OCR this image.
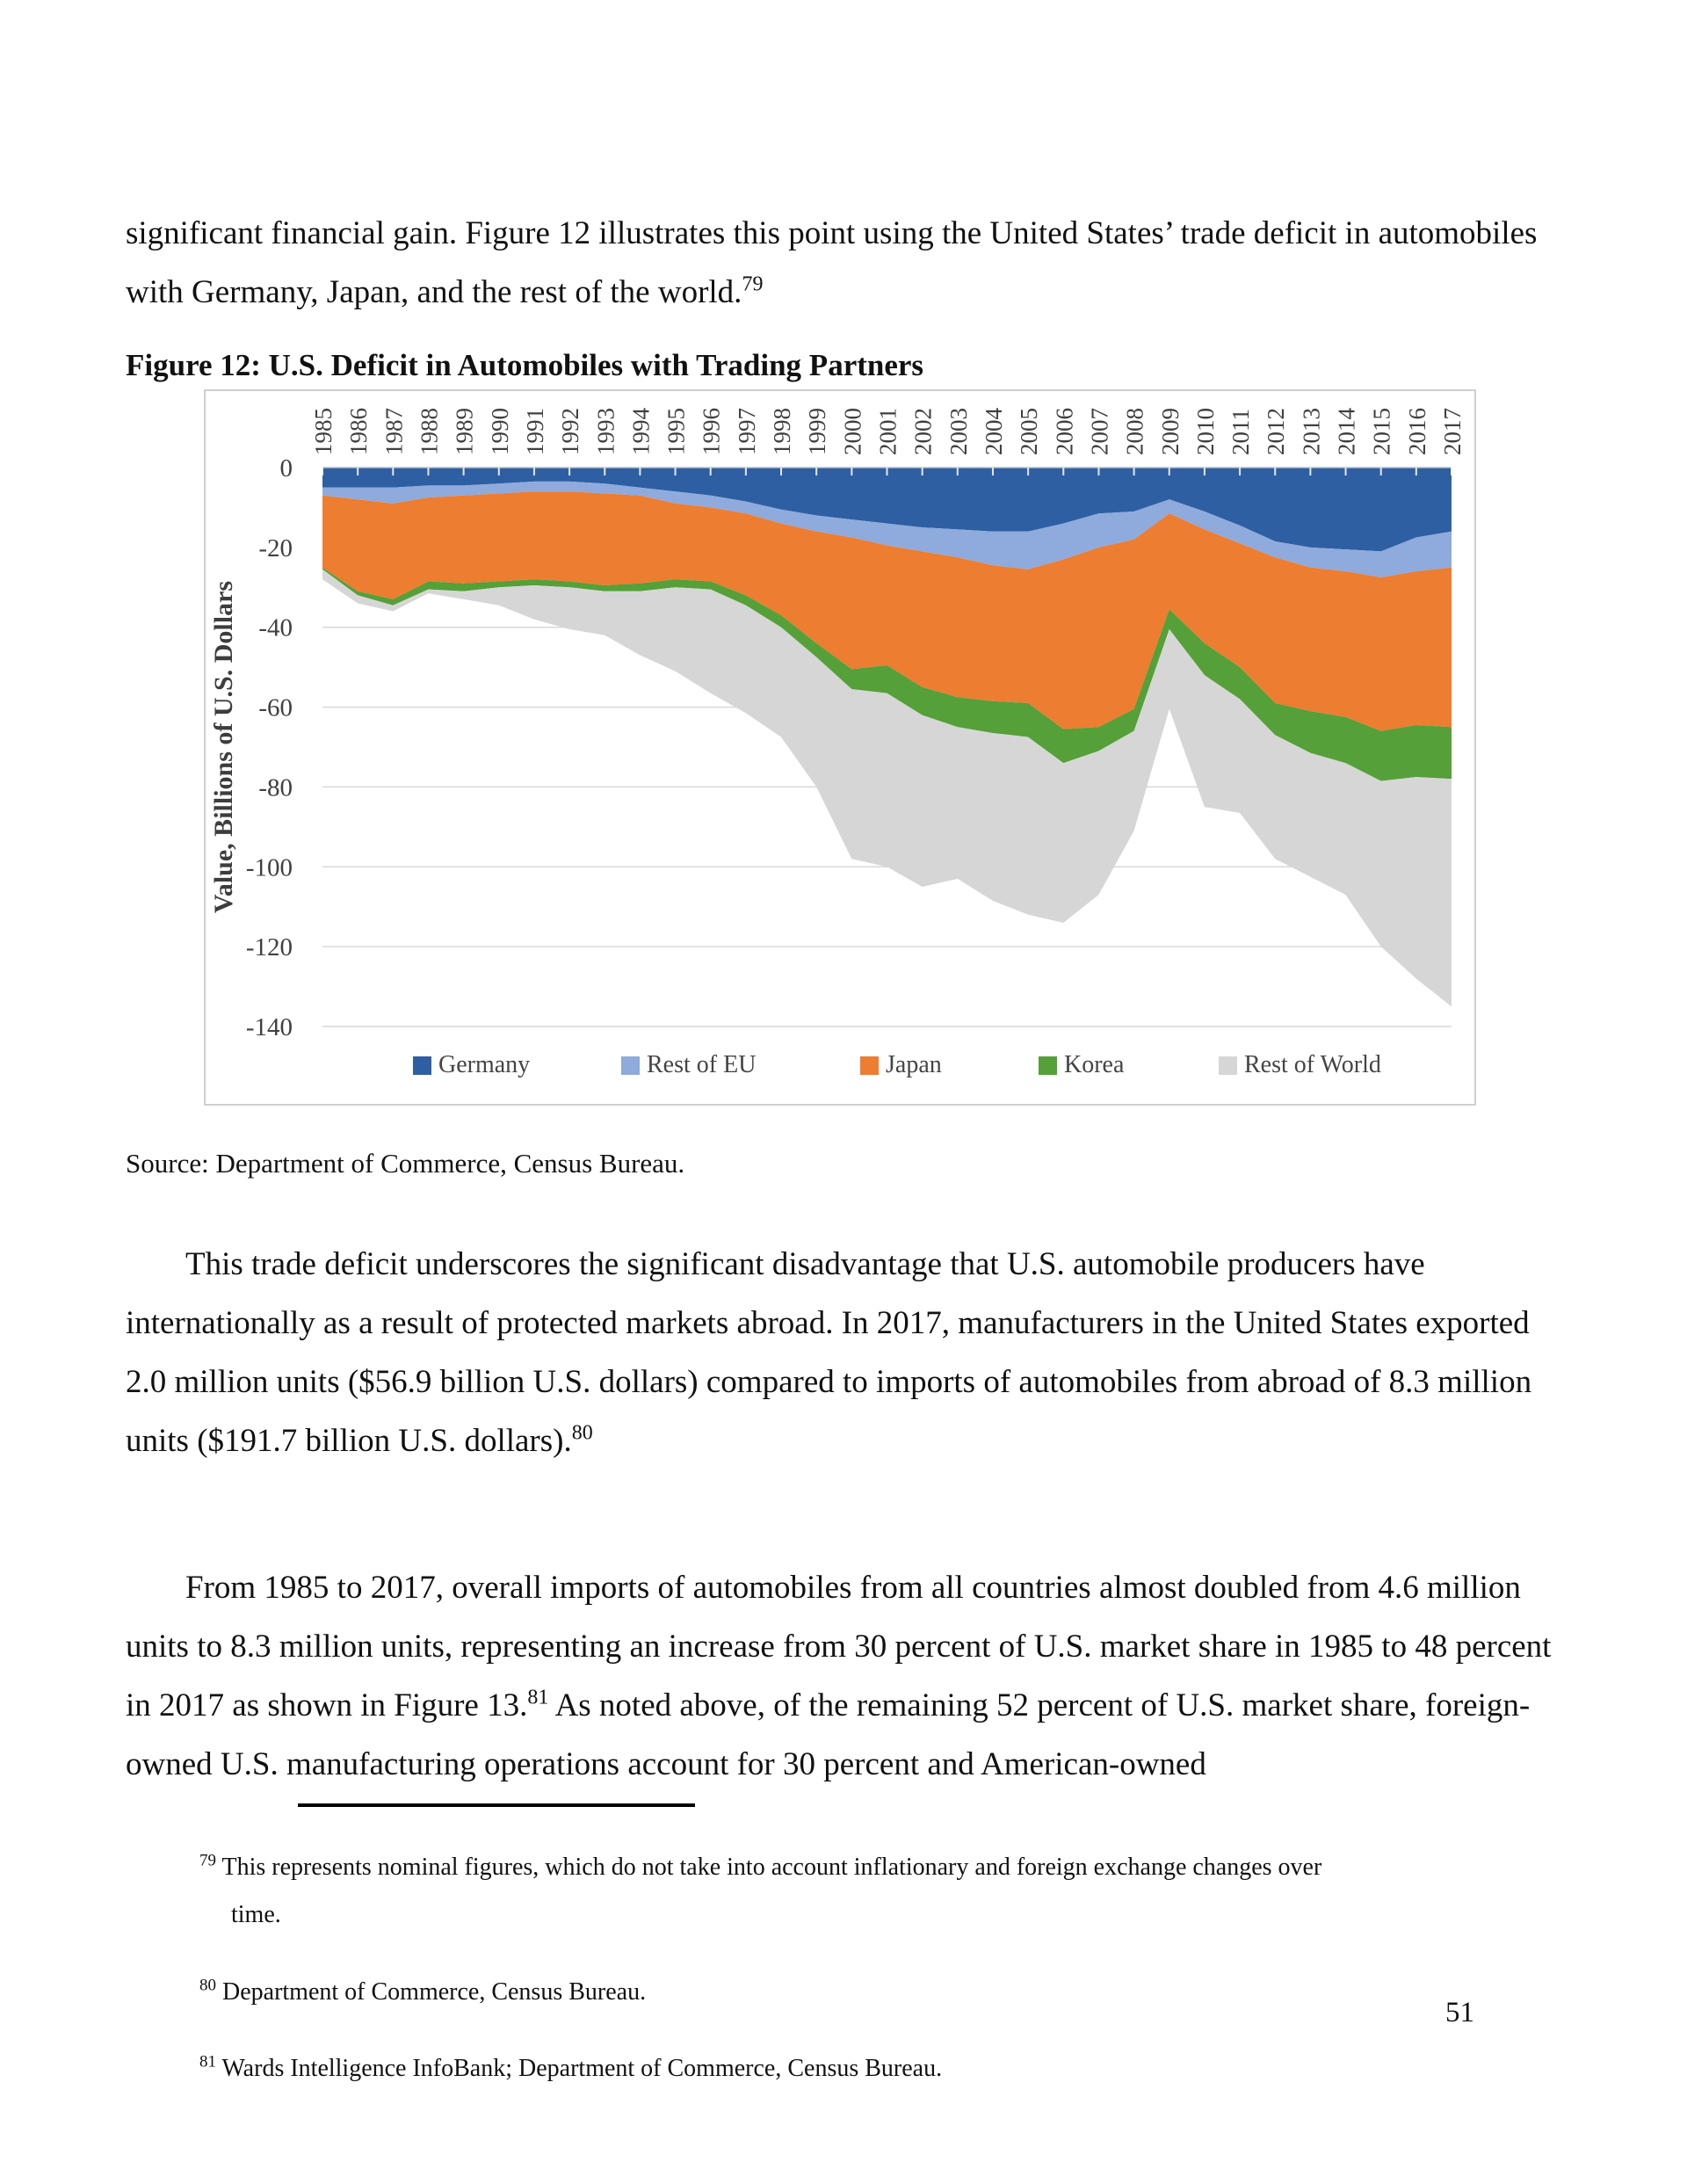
significant financial gain. Figure 12 illustrates this point using the United States’ trade deficit in automobiles with Germany, Japan, and the rest of the world.$^{79}$

Figure 12: U.S. Deficit in Automobiles with Trading Partners
0
-20
-40
-60
-80
-100
-120
-140
1985 1986 1987 1988 1989 1990 1991 1992 1993 1994 1995 1996 1997 1998 1999 2000 2001 2002 2003 2004 2005 2006 2007 2008 2009 2010 2011 2012 2013 2014 2015 2016 2017
Value, Billions of U.S. Dollars
Germany	Rest of EU	Japan	Korea	Rest of World
Source: Department of Commerce, Census Bureau.

This trade deficit underscores the significant disadvantage that U.S. automobile producers have internationally as a result of protected markets abroad. In 2017, manufacturers in the United States exported 2.0 million units ($56.9 billion U.S. dollars) compared to imports of automobiles from abroad of 8.3 million units ($191.7 billion U.S. dollars).$^{80}$

From 1985 to 2017, overall imports of automobiles from all countries almost doubled from 4.6 million units to 8.3 million units, representing an increase from 30 percent of U.S. market share in 1985 to 48 percent in 2017 as shown in Figure 13.81 As noted above, of the remaining 52 percent of U.S. market share, foreign-owned U.S. manufacturing operations account for 30 percent and American-owned

$^{79}$ This represents nominal figures, which do not take into account inflationary and foreign exchange changes over
time.
$^{80}$ Department of Commerce, Census Bureau.
$^{81}$ Wards Intelligence InfoBank; Department of Commerce, Census Bureau.
51
